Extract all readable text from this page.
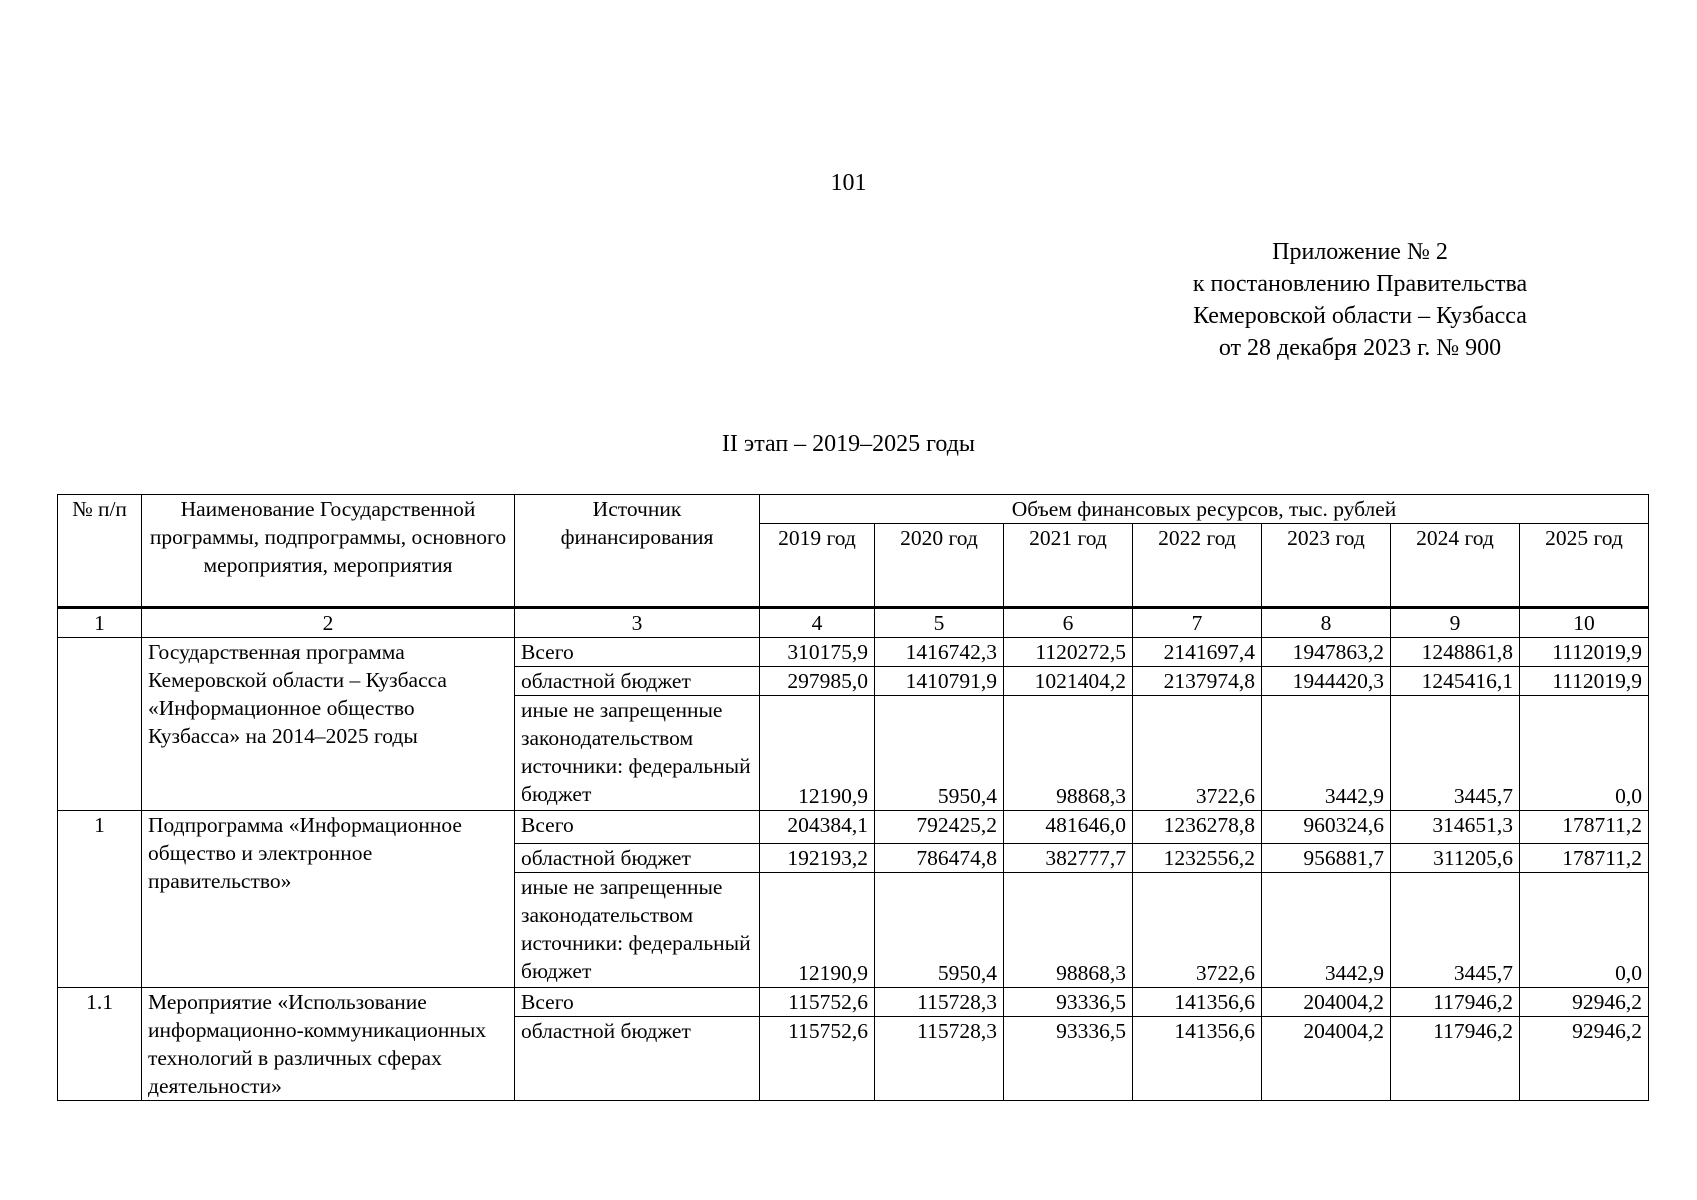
101
Приложение № 2
к постановлению Правительства
Кемеровской области – Кузбасса
от 28 декабря 2023 г. № 900
II этап – 2019–2025 годы
№ п/п	Наименование Государственной программы, подпрограммы, основного мероприятия, мероприятия	Источник финансирования	Объем финансовых ресурсов, тыс. рублей						
			2019 год	2020 год	2021 год	2022 год	2023 год	2024 год	2025 год
1	2	3	4	5	6	7	8	9	10
	Государственная программа Кемеровской области – Кузбасса «Информационное общество Кузбасса» на 2014–2025 годы	Всего	310175,9	1416742,3	1120272,5	2141697,4	1947863,2	1248861,8	1112019,9
		областной бюджет	297985,0	1410791,9	1021404,2	2137974,8	1944420,3	1245416,1	1112019,9
		иные не запрещенные законодательством источники: федеральный бюджет	12190,9	5950,4	98868,3	3722,6	3442,9	3445,7	0,0
1	Подпрограмма «Информационное общество и электронное правительство»	Всего	204384,1	792425,2	481646,0	1236278,8	960324,6	314651,3	178711,2
		областной бюджет	192193,2	786474,8	382777,7	1232556,2	956881,7	311205,6	178711,2
		иные не запрещенные законодательством источники: федеральный бюджет	12190,9	5950,4	98868,3	3722,6	3442,9	3445,7	0,0
1.1	Мероприятие «Использование информационно-коммуникационных технологий в различных сферах деятельности»	Всего	115752,6	115728,3	93336,5	141356,6	204004,2	117946,2	92946,2
		областной бюджет	115752,6	115728,3	93336,5	141356,6	204004,2	117946,2	92946,2
